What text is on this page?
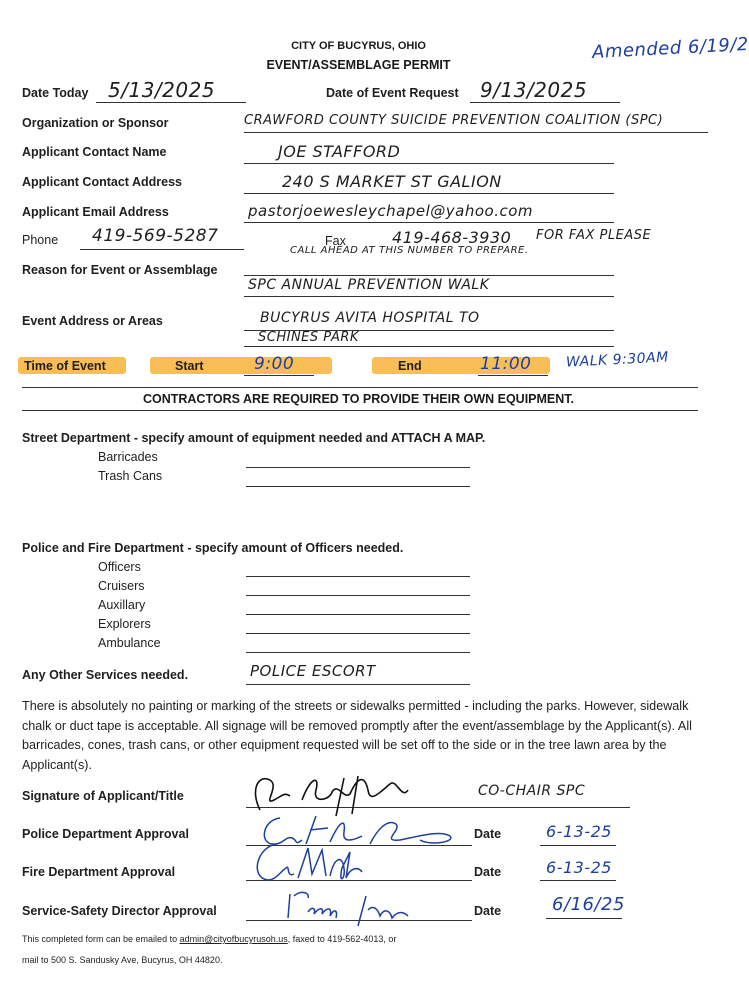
CITY OF BUCYRUS, OHIO
EVENT/ASSEMBLAGE PERMIT
Amended 6/19/2
Date Today 5/13/2025	Date of Event Request 9/13/2025
Organization or Sponsor	CRAWFORD COUNTY SUICIDE PREVENTION COALITION (SPC)
Applicant Contact Name	JOE STAFFORD
Applicant Contact Address	240 S MARKET ST GALION
Applicant Email Address	pastorjoewesleychapel@yahoo.com
Phone 419-569-5287	Fax	419-468-3930 FOR FAX PLEASE
CALL AHEAD AT THIS NUMBER TO PREPARE.
Reason for Event or Assemblage
SPC ANNUAL PREVENTION WALK
Event Address or Areas	BUCYRUS AVITA HOSPITAL TO
SCHINES PARK
Time of Event	Start	9:00	End	11:00 WALK 9:30AM
CONTRACTORS ARE REQUIRED TO PROVIDE THEIR OWN EQUIPMENT.
Street Department - specify amount of equipment needed and ATTACH A MAP.
Barricades
Trash Cans
Police and Fire Department - specify amount of Officers needed.
Officers
Cruisers
Auxillary
Explorers
Ambulance
Any Other Services needed.	POLICE ESCORT
There is absolutely no painting or marking of the streets or sidewalks permitted - including the parks. However, sidewalk chalk or duct tape is acceptable. All signage will be removed promptly after the event/assemblage by the Applicant(s). All barricades, cones, trash cans, or other equipment requested will be set off to the side or in the tree lawn area by the Applicant(s).
Signature of Applicant/Title	CO-CHAIR SPC
Police Department Approval	Date	6-13-25
Fire Department Approval	Date	6-13-25
Service-Safety Director Approval	Date	6/16/25
This completed form can be emailed to admin@cityofbucyrusoh.us, faxed to 419-562-4013, or
mail to 500 S. Sandusky Ave, Bucyrus, OH 44820.
